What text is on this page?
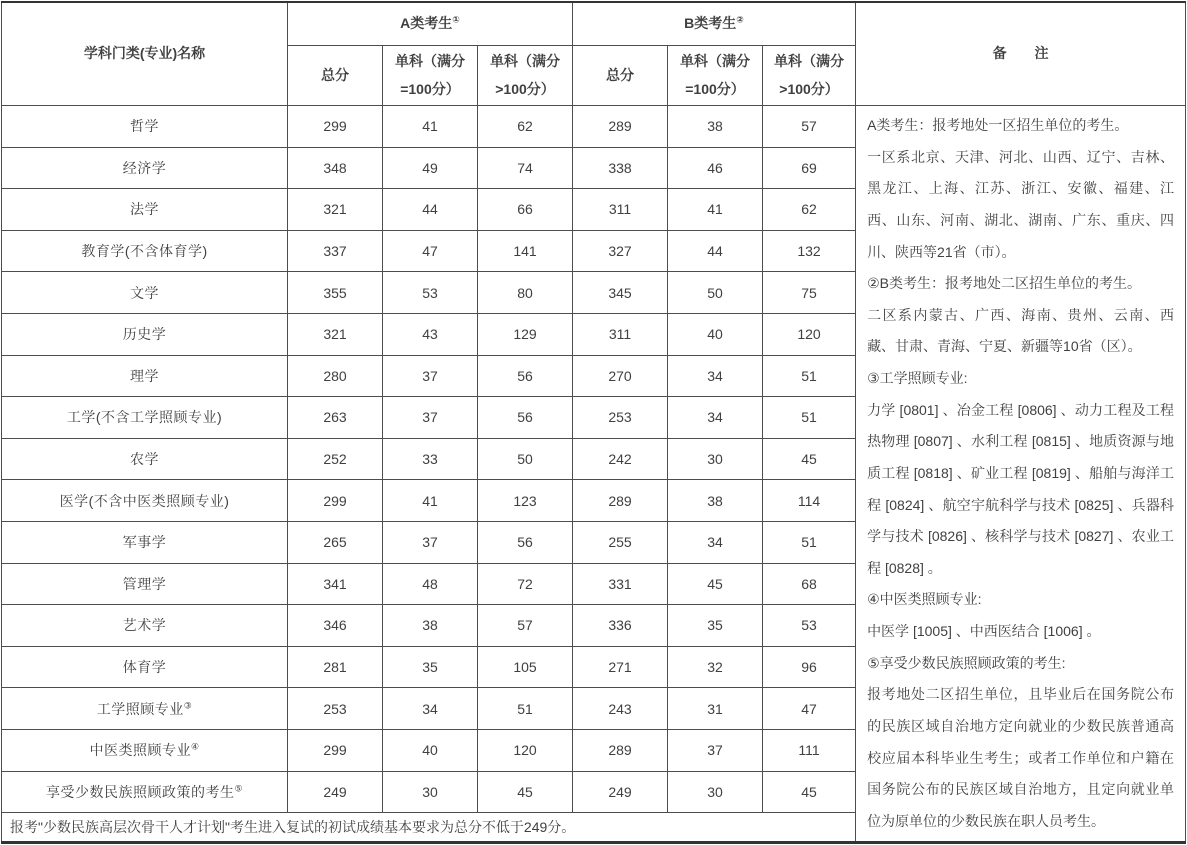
学科门类(专业)名称	A类考生①			B类考生②			备　　注
	总分	单科（满分=100分）	单科（满分>100分）	总分	单科（满分=100分）	单科（满分>100分）	
哲学	299	41	62	289	38	57	A类考生：报考地处一区招生单位的考生。

一区系北京、天津、河北、山西、辽宁、吉林、黑龙江、上海、江苏、浙江、安徽、福建、江西、山东、河南、湖北、湖南、广东、重庆、四川、陕西等21省（市）。

②B类考生：报考地处二区招生单位的考生。

二区系内蒙古、广西、海南、贵州、云南、西藏、甘肃、青海、宁夏、新疆等10省（区）。

③工学照顾专业:

力学 [0801] 、冶金工程 [0806] 、动力工程及工程热物理 [0807] 、水利工程 [0815] 、地质资源与地质工程 [0818] 、矿业工程 [0819] 、船舶与海洋工程 [0824] 、航空宇航科学与技术 [0825] 、兵器科学与技术 [0826] 、核科学与技术 [0827] 、农业工程 [0828] 。

④中医类照顾专业:

中医学 [1005] 、中西医结合 [1006] 。

⑤享受少数民族照顾政策的考生:

报考地处二区招生单位，且毕业后在国务院公布的民族区域自治地方定向就业的少数民族普通高校应届本科毕业生考生；或者工作单位和户籍在国务院公布的民族区域自治地方，且定向就业单位为原单位的少数民族在职人员考生。

经济学	348	49	74	338	46	69	
法学	321	44	66	311	41	62	
教育学(不含体育学)	337	47	141	327	44	132	
文学	355	53	80	345	50	75	
历史学	321	43	129	311	40	120	
理学	280	37	56	270	34	51	
工学(不含工学照顾专业)	263	37	56	253	34	51	
农学	252	33	50	242	30	45	
医学(不含中医类照顾专业)	299	41	123	289	38	114	
军事学	265	37	56	255	34	51	
管理学	341	48	72	331	45	68	
艺术学	346	38	57	336	35	53	
体育学	281	35	105	271	32	96	
工学照顾专业③	253	34	51	243	31	47	
中医类照顾专业④	299	40	120	289	37	111	
享受少数民族照顾政策的考生⑤	249	30	45	249	30	45	
报考"少数民族高层次骨干人才计划"考生进入复试的初试成绩基本要求为总分不低于249分。							
